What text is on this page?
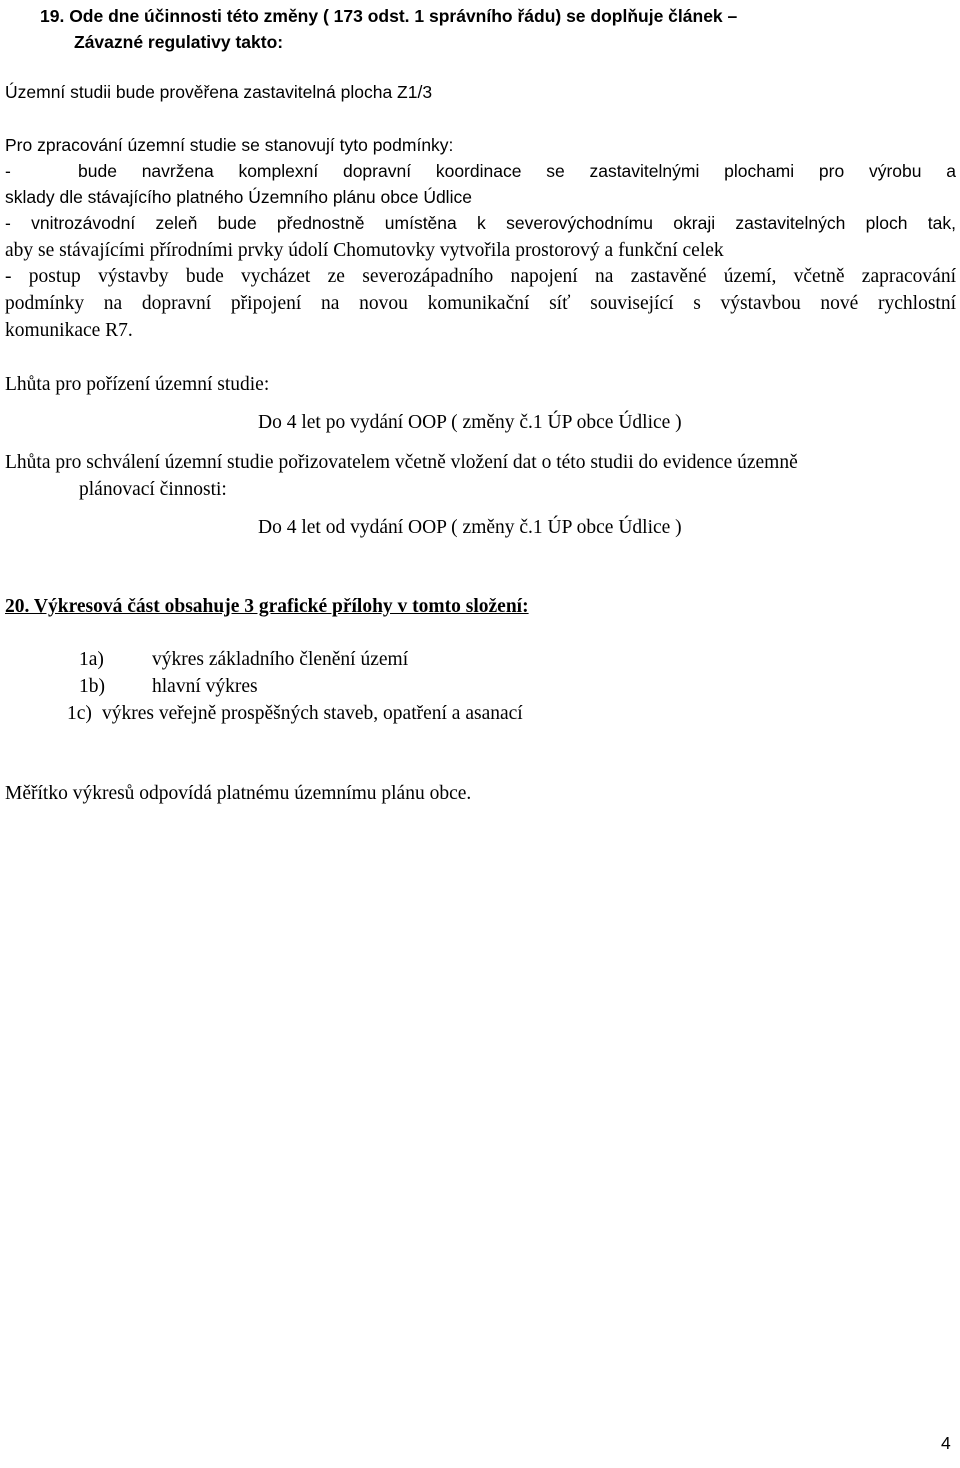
19. Ode dne účinnosti této změny ( 173 odst. 1 správního řádu) se doplňuje článek –

Závazné regulativy takto:

Územní studii bude prověřena zastavitelná plocha Z1/3

Pro zpracování územní studie se stanovují tyto podmínky:

-	bude navržena komplexní dopravní koordinace se zastavitelnými plochami pro výrobu a

sklady dle stávajícího platného Územního plánu obce Údlice

- vnitrozávodní zeleň bude přednostně umístěna k severovýchodnímu okraji zastavitelných ploch tak,

aby se stávajícími přírodními prvky údolí Chomutovky vytvořila prostorový a funkční celek

- postup výstavby bude vycházet ze severozápadního napojení na zastavěné území, včetně zapracování

podmínky na dopravní připojení na novou komunikační síť související s výstavbou nové rychlostní

komunikace R7.

Lhůta pro pořízení územní studie:

Do 4 let po vydání OOP ( změny č.1 ÚP obce Údlice )

Lhůta pro schválení územní studie pořizovatelem včetně vložení dat o této studii do evidence územně

plánovací činnosti:

Do 4 let od vydání OOP ( změny č.1 ÚP obce Údlice )

20. Výkresová část obsahuje 3 grafické přílohy v tomto složení:

1a) výkres základního členění území

1b) hlavní výkres

1c) výkres veřejně prospěšných staveb, opatření a asanací

Měřítko výkresů odpovídá platnému územnímu plánu obce.

4
